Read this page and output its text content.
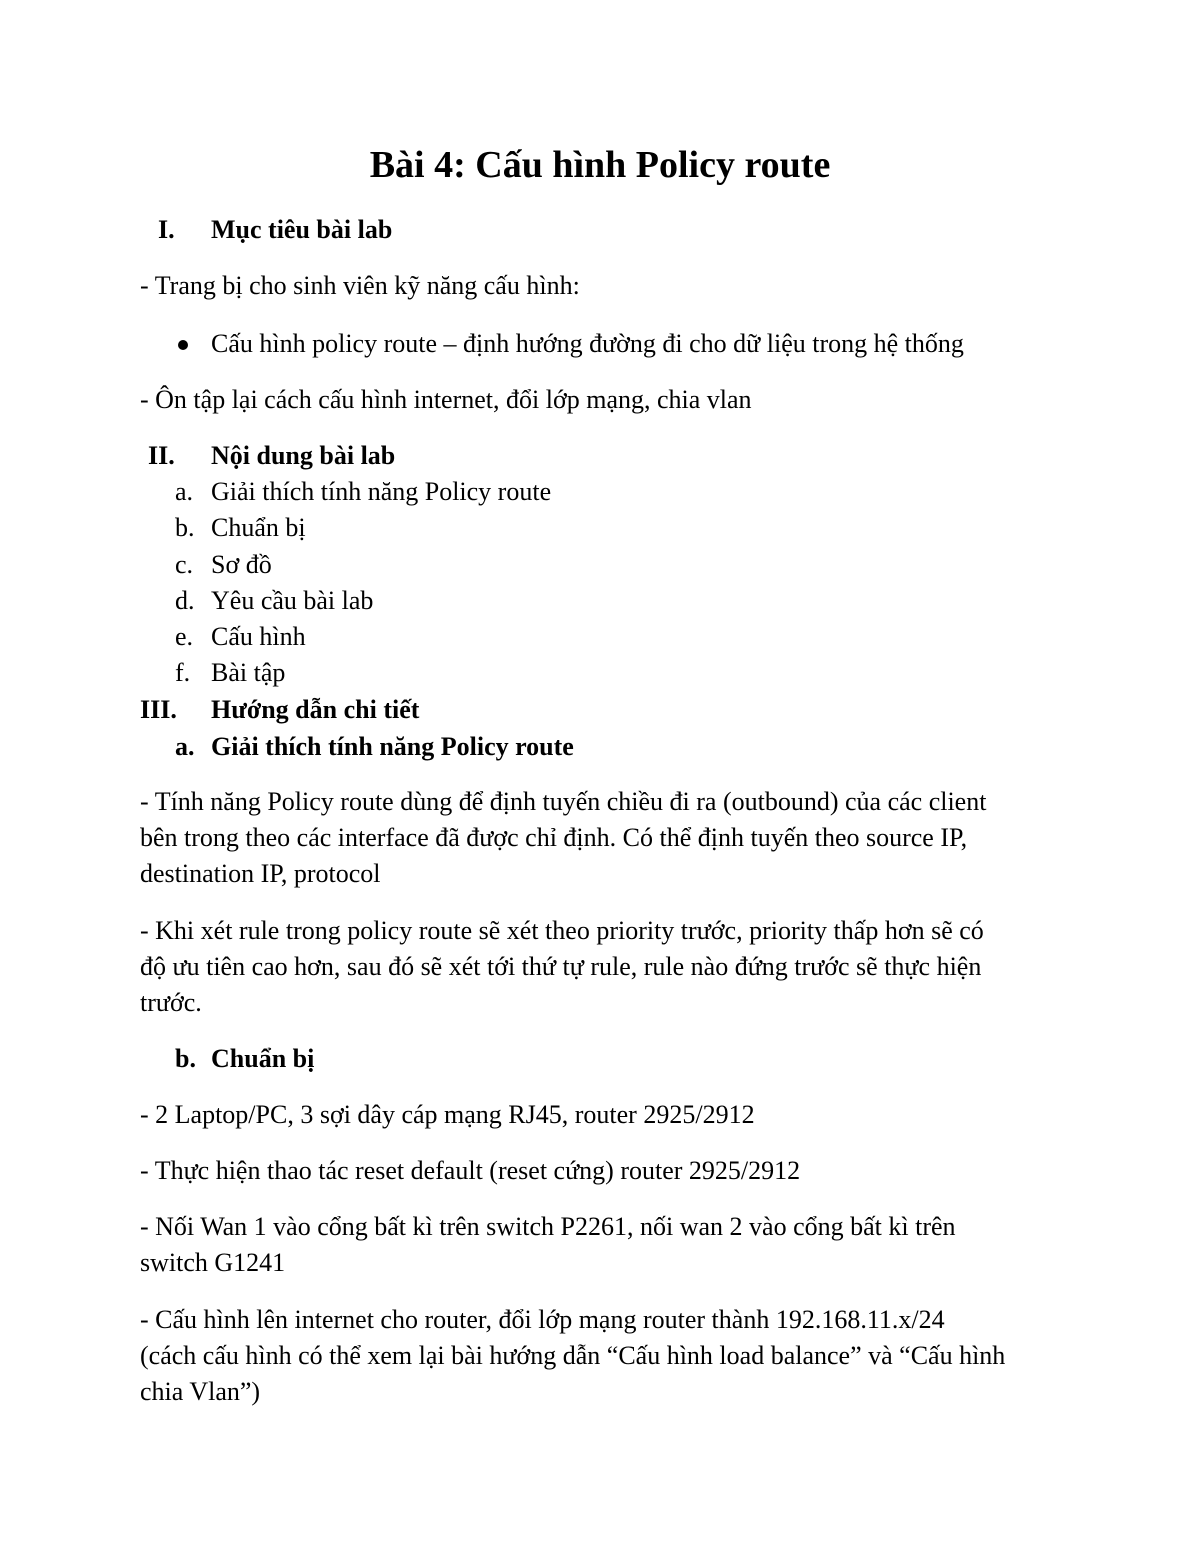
Bài 4: Cấu hình Policy route
I.	Mục tiêu bài lab
- Trang bị cho sinh viên kỹ năng cấu hình:
Cấu hình policy route – định hướng đường đi cho dữ liệu trong hệ thống
- Ôn tập lại cách cấu hình internet, đổi lớp mạng, chia vlan
II.	Nội dung bài lab
a. Giải thích tính năng Policy route
b. Chuẩn bị
c. Sơ đồ
d. Yêu cầu bài lab
e. Cấu hình
f. Bài tập
III.	Hướng dẫn chi tiết
a. Giải thích tính năng Policy route
- Tính năng Policy route dùng để định tuyến chiều đi ra (outbound) của các client
bên trong theo các interface đã được chỉ định. Có thể định tuyến theo source IP,
destination IP, protocol
- Khi xét rule trong policy route sẽ xét theo priority trước, priority thấp hơn sẽ có
độ ưu tiên cao hơn, sau đó sẽ xét tới thứ tự rule, rule nào đứng trước sẽ thực hiện
trước.
b. Chuẩn bị
- 2 Laptop/PC, 3 sợi dây cáp mạng RJ45, router 2925/2912
- Thực hiện thao tác reset default (reset cứng) router 2925/2912
- Nối Wan 1 vào cổng bất kì trên switch P2261, nối wan 2 vào cổng bất kì trên
switch G1241
- Cấu hình lên internet cho router, đổi lớp mạng router thành 192.168.11.x/24
(cách cấu hình có thể xem lại bài hướng dẫn “Cấu hình load balance” và “Cấu hình
chia Vlan”)
